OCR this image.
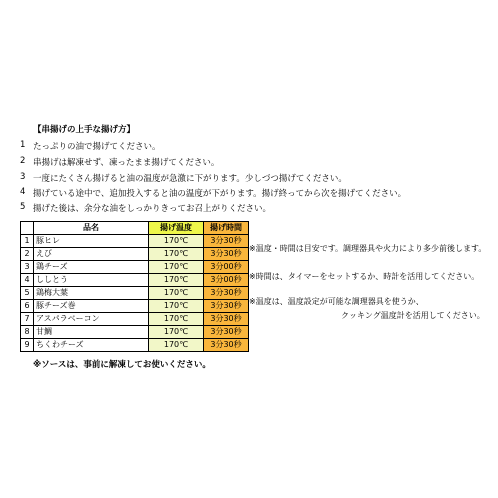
【串揚げの上手な揚げ方】
1 たっぷりの油で揚げてください。
2 串揚げは解凍せず、凍ったまま揚げてください。
3 一度にたくさん揚げると油の温度が急激に下がります。少しづつ揚げてください。
4 揚げている途中で、追加投入すると油の温度が下がります。揚げ終ってから次を揚げてください。
5 揚げた後は、余分な油をしっかりきってお召上がりください。
	品名	揚げ温度	揚げ時間
1	豚ヒレ	170℃	3分30秒
2	えび	170℃	3分30秒
3	鶏チーズ	170℃	3分00秒
4	ししとう	170℃	3分00秒
5	鶏梅大葉	170℃	3分30秒
6	豚チーズ巻	170℃	3分30秒
7	アスパラベーコン	170℃	3分30秒
8	甘鯛	170℃	3分30秒
9	ちくわチーズ	170℃	3分30秒
※温度・時間は目安です。調理器具や火力により多少前後します。
※時間は、タイマーをセットするか、時計を活用してください。
※温度は、温度設定が可能な調理器具を使うか、
クッキング温度計を活用してください。
※ソースは、事前に解凍してお使いください。
